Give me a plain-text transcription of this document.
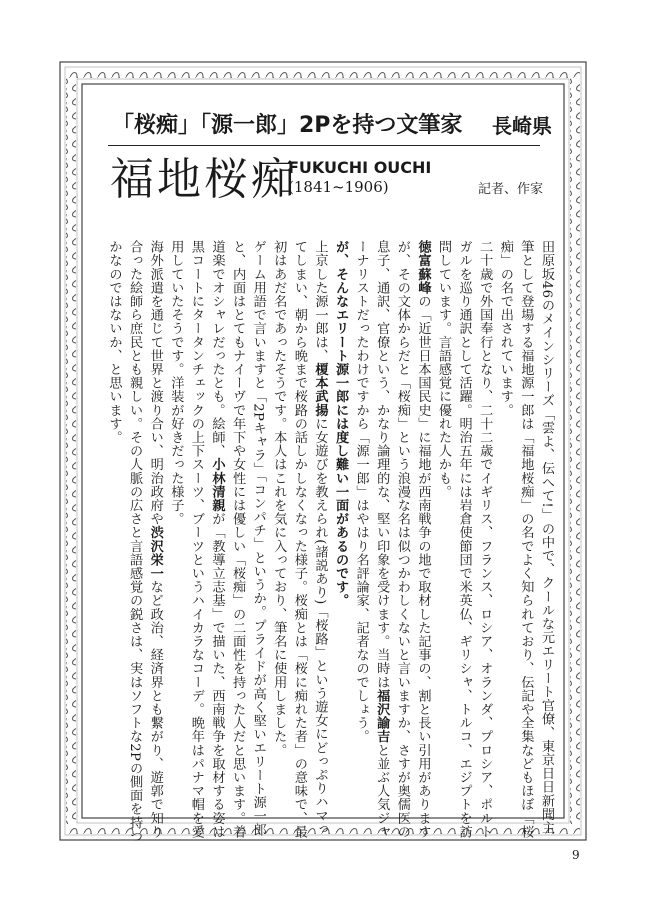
「桜痴」「源一郎」2Pを持つ文筆家 長崎県
福地桜痴
FUKUCHI OUCHI
(1841~1906)	記者、作家

田原坂46のメインシリーズ「雲よ、伝へて!」の中で、クールな元エリート官僚、東京日日新聞主筆として登場する福地源一郎は「福地桜痴」の名でよく知られており、伝記や全集などもほぼ「桜痴」の名で出されています。

二十歳で外国奉行となり、二十二歳でイギリス、フランス、ロシア、オランダ、プロシア、ポルトガルを巡り通訳として活躍。明治五年には岩倉使節団で米英仏、ギリシャ、トルコ、エジプトを訪問しています。言語感覚に優れた人かも。

徳富蘇峰の「近世日本国民史」に福地が西南戦争の地で取材した記事の、割と長い引用がありますが、その文体からだと「桜痴」という浪漫な名は似つかわしくないと言いますか、さすが奥儒医の息子、通訳、官僚という、かなり論理的な、堅い印象を受けます。当時は福沢諭吉と並ぶ人気ジャーナリストだったわけですから「源一郎」はやはり名評論家、記者なのでしょう。

が、そんなエリート源一郎には度し難い一面があるのです。

上京した源一郎は、榎本武揚に女遊びを教えられ(諸説あり)「桜路」という遊女にどっぷりハマってしまい、朝から晩まで桜路の話しかしなくなった様子。桜痴とは「桜に痴れた者」の意味で、最初はあだ名であったそうです。本人はこれを気に入っており、筆名に使用しました。

ゲーム用語で言いますと「2Pキャラ」「コンパチ」というか。プライドが高く堅いエリート源一郎と、内面はとてもナイーヴで年下や女性には優しい「桜痴」の二面性を持った人だと思います。着道楽でオシャレだったとも。絵師、小林清親が「教導立志基」で描いた、西南戦争を取材する姿は黒コートにタータンチェックの上下スーツ、ブーツというハイカラなコーデ。晩年はパナマ帽を愛用していたそうです。洋装が好きだった様子。

海外派遣を通じて世界と渡り合い、明治政府や渋沢栄一など政治、経済界とも繋がり、遊郭で知り合った絵師ら庶民とも親しい。その人脈の広さと言語感覚の鋭さは、実はソフトな2Pの側面を持つかなのではないか、と思います。

9
